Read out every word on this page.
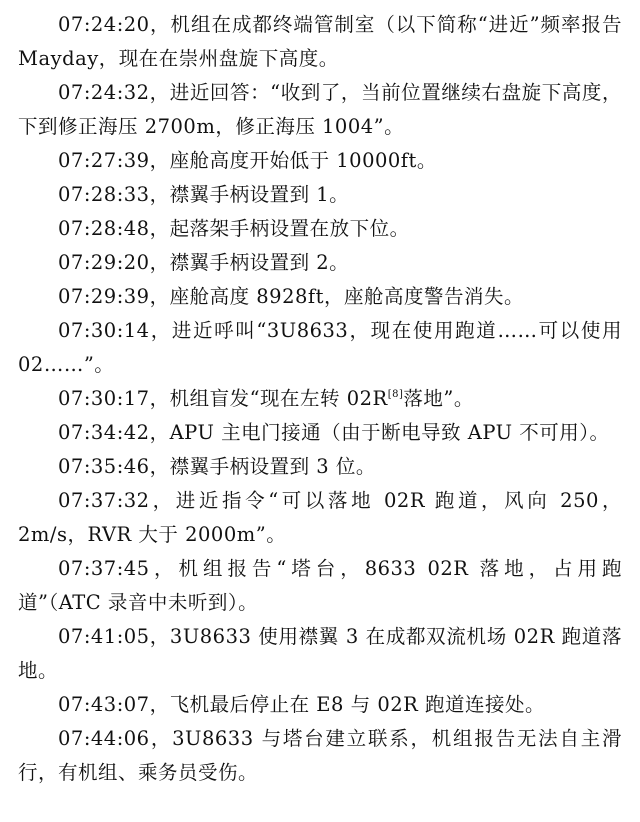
07:24:20，机组在成都终端管制室（以下简称“进近”频率报告 Mayday，现在在崇州盘旋下高度。

07:24:32，进近回答：“收到了，当前位置继续右盘旋下高度，下到修正海压 2700m，修正海压 1004”。

07:27:39，座舱高度开始低于 10000ft。

07:28:33，襟翼手柄设置到 1。

07:28:48，起落架手柄设置在放下位。

07:29:20，襟翼手柄设置到 2。

07:29:39，座舱高度 8928ft，座舱高度警告消失。

07:30:14，进近呼叫“3U8633，现在使用跑道……可以使用 02……”。

07:30:17，机组盲发“现在左转 02R[8]落地”。

07:34:42，APU 主电门接通（由于断电导致 APU 不可用）。

07:35:46，襟翼手柄设置到 3 位。

07:37:32，进近指令“可以落地 02R 跑道，风向 250，2m/s，RVR 大于 2000m”。

07:37:45，机组报告“塔台，8633 02R 落地，占用跑道”（ATC 录音中未听到）。

07:41:05，3U8633 使用襟翼 3 在成都双流机场 02R 跑道落地。

07:43:07，飞机最后停止在 E8 与 02R 跑道连接处。

07:44:06，3U8633 与塔台建立联系，机组报告无法自主滑行，有机组、乘务员受伤。
